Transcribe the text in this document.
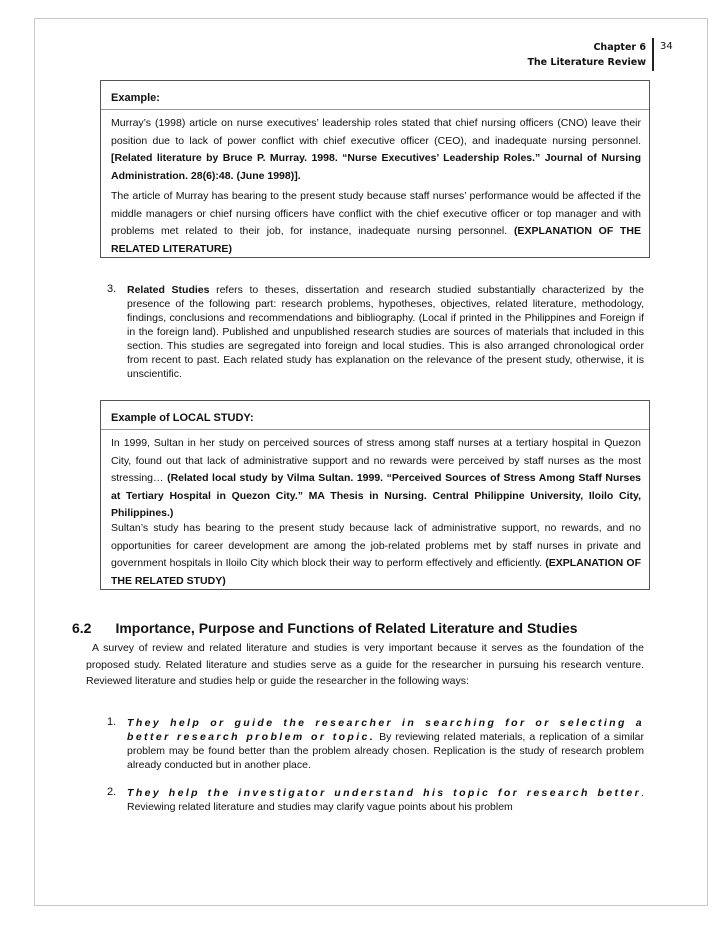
Chapter 6
The Literature Review
34

Example:

Murray’s (1998) article on nurse executives’ leadership roles stated that chief nursing officers (CNO) leave their position due to lack of power conflict with chief executive officer (CEO), and inadequate nursing personnel. [Related literature by Bruce P. Murray. 1998. “Nurse Executives’ Leadership Roles.” Journal of Nursing Administration. 28(6):48. (June 1998)].

The article of Murray has bearing to the present study because staff nurses’ performance would be affected if the middle managers or chief nursing officers have conflict with the chief executive officer or top manager and with problems met related to their job, for instance, inadequate nursing personnel. (EXPLANATION OF THE RELATED LITERATURE)

3. Related Studies refers to theses, dissertation and research studied substantially characterized by the presence of the following part: research problems, hypotheses, objectives, related literature, methodology, findings, conclusions and recommendations and bibliography. (Local if printed in the Philippines and Foreign if in the foreign land). Published and unpublished research studies are sources of materials that included in this section. This studies are segregated into foreign and local studies. This is also arranged chronological order from recent to past. Each related study has explanation on the relevance of the present study, otherwise, it is unscientific.

Example of LOCAL STUDY:

In 1999, Sultan in her study on perceived sources of stress among staff nurses at a tertiary hospital in Quezon City, found out that lack of administrative support and no rewards were perceived by staff nurses as the most stressing… (Related local study by Vilma Sultan. 1999. “Perceived Sources of Stress Among Staff Nurses at Tertiary Hospital in Quezon City.” MA Thesis in Nursing. Central Philippine University, Iloilo City, Philippines.)

Sultan’s study has bearing to the present study because lack of administrative support, no rewards, and no opportunities for career development are among the job-related problems met by staff nurses in private and government hospitals in Iloilo City which block their way to perform effectively and efficiently. (EXPLANATION OF THE RELATED STUDY)

6.2 Importance, Purpose and Functions of Related Literature and Studies

A survey of review and related literature and studies is very important because it serves as the foundation of the proposed study. Related literature and studies serve as a guide for the researcher in pursuing his research venture. Reviewed literature and studies help or guide the researcher in the following ways:

1. They help or guide the researcher in searching for or selecting a better research problem or topic. By reviewing related materials, a replication of a similar problem may be found better than the problem already chosen. Replication is the study of research problem already conducted but in another place.

2. They help the investigator understand his topic for research better. Reviewing related literature and studies may clarify vague points about his problem
